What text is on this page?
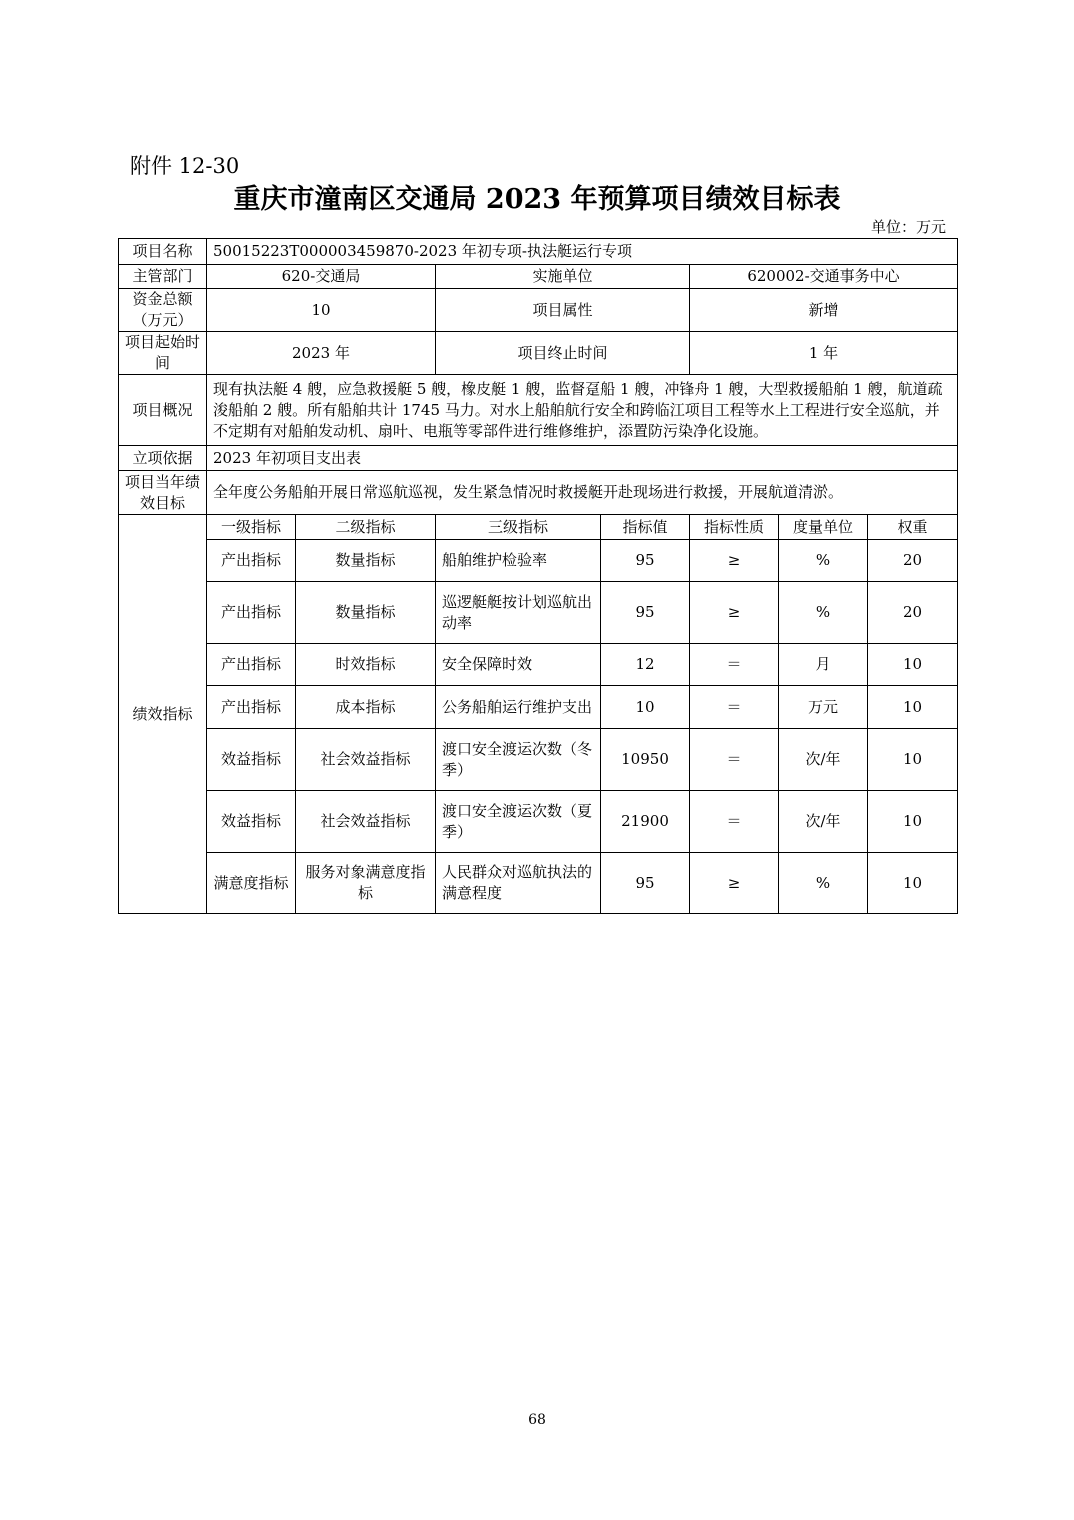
附件 12-30
重庆市潼南区交通局 2023 年预算项目绩效目标表
单位：万元
项目名称	50015223T000003459870-2023 年初专项-执法艇运行专项						
主管部门	620-交通局		实施单位		620002-交通事务中心		
资金总额（万元）	10		项目属性		新增		
项目起始时间	2023 年		项目终止时间		1 年		
项目概况	现有执法艇 4 艘，应急救援艇 5 艘，橡皮艇 1 艘，监督趸船 1 艘，冲锋舟 1 艘，大型救援船舶 1 艘，航道疏浚船舶 2 艘。所有船舶共计 1745 马力。对水上船舶航行安全和跨临江项目工程等水上工程进行安全巡航，并不定期有对船舶发动机、扇叶、电瓶等零部件进行维修维护，添置防污染净化设施。						
立项依据	2023 年初项目支出表						
项目当年绩效目标	全年度公务船舶开展日常巡航巡视，发生紧急情况时救援艇开赴现场进行救援，开展航道清淤。						
绩效指标	一级指标	二级指标	三级指标	指标值	指标性质	度量单位	权重
	产出指标	数量指标	船舶维护检验率	95	≥	%	20
	产出指标	数量指标	巡逻艇艇按计划巡航出动率	95	≥	%	20
	产出指标	时效指标	安全保障时效	12	＝	月	10
	产出指标	成本指标	公务船舶运行维护支出	10	＝	万元	10
	效益指标	社会效益指标	渡口安全渡运次数（冬季）	10950	＝	次/年	10
	效益指标	社会效益指标	渡口安全渡运次数（夏季）	21900	＝	次/年	10
	满意度指标	服务对象满意度指标	人民群众对巡航执法的满意程度	95	≥	%	10
68
